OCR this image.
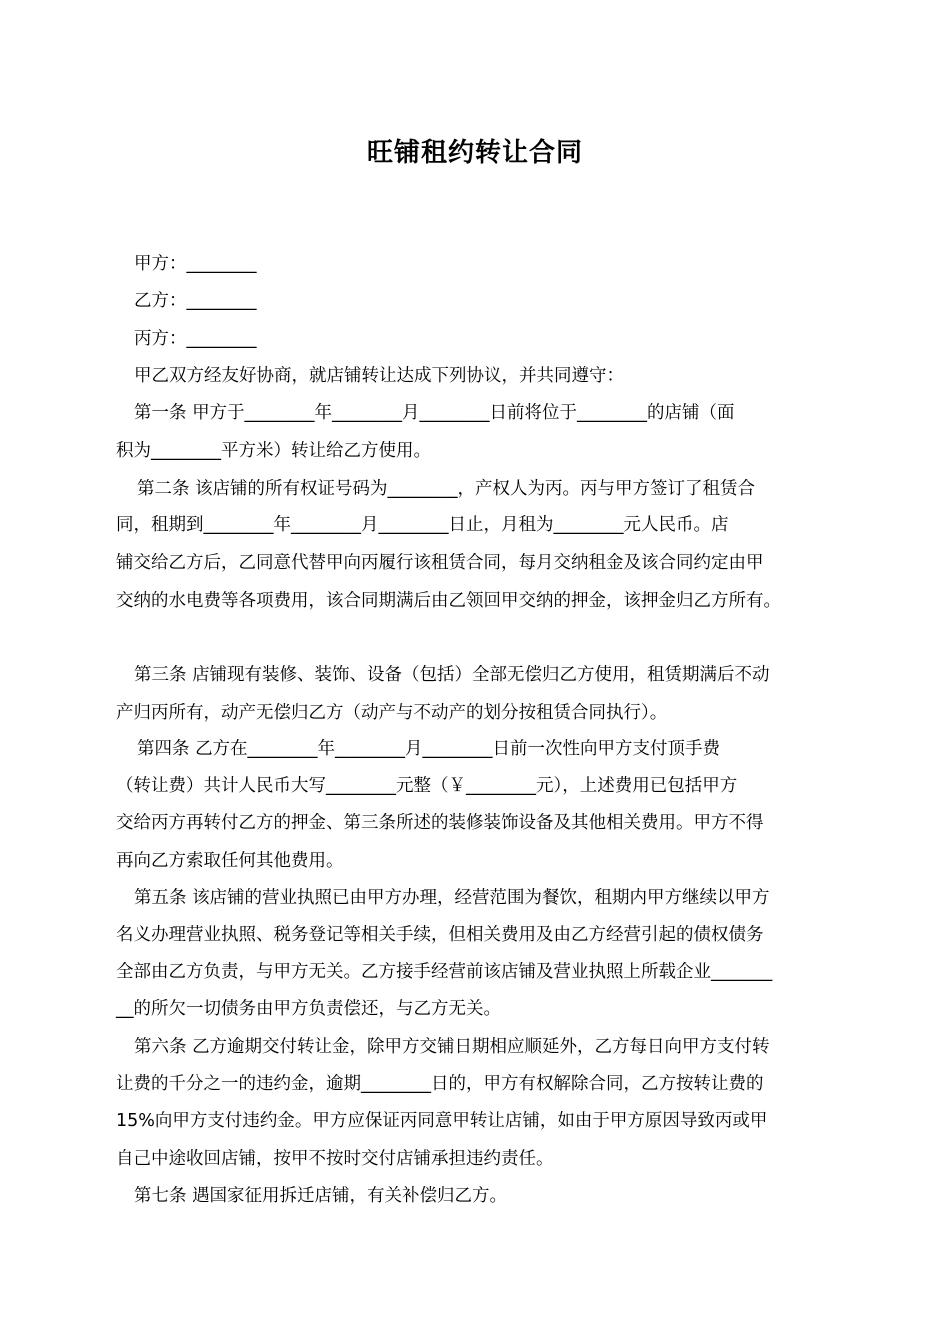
旺铺租约转让合同
甲方：________
乙方：________
丙方：________
甲乙双方经友好协商，就店铺转让达成下列协议，并共同遵守：
第一条 甲方于________年________月________日前将位于________的店铺（面
积为________平方米）转让给乙方使用。
第二条 该店铺的所有权证号码为________，产权人为丙。丙与甲方签订了租赁合
同，租期到________年________月________日止，月租为________元人民币。店
铺交给乙方后，乙同意代替甲向丙履行该租赁合同，每月交纳租金及该合同约定由甲
交纳的水电费等各项费用，该合同期满后由乙领回甲交纳的押金，该押金归乙方所有。
第三条 店铺现有装修、装饰、设备（包括）全部无偿归乙方使用，租赁期满后不动
产归丙所有，动产无偿归乙方（动产与不动产的划分按租赁合同执行）。
第四条 乙方在________年________月________日前一次性向甲方支付顶手费
（转让费）共计人民币大写________元整（￥________元），上述费用已包括甲方
交给丙方再转付乙方的押金、第三条所述的装修装饰设备及其他相关费用。甲方不得
再向乙方索取任何其他费用。
第五条 该店铺的营业执照已由甲方办理，经营范围为餐饮，租期内甲方继续以甲方
名义办理营业执照、税务登记等相关手续，但相关费用及由乙方经营引起的债权债务
全部由乙方负责，与甲方无关。乙方接手经营前该店铺及营业执照上所载企业_______
__的所欠一切债务由甲方负责偿还，与乙方无关。
第六条 乙方逾期交付转让金，除甲方交铺日期相应顺延外，乙方每日向甲方支付转
让费的千分之一的违约金，逾期________日的，甲方有权解除合同，乙方按转让费的
15%向甲方支付违约金。甲方应保证丙同意甲转让店铺，如由于甲方原因导致丙或甲
自己中途收回店铺，按甲不按时交付店铺承担违约责任。
第七条 遇国家征用拆迁店铺，有关补偿归乙方。
